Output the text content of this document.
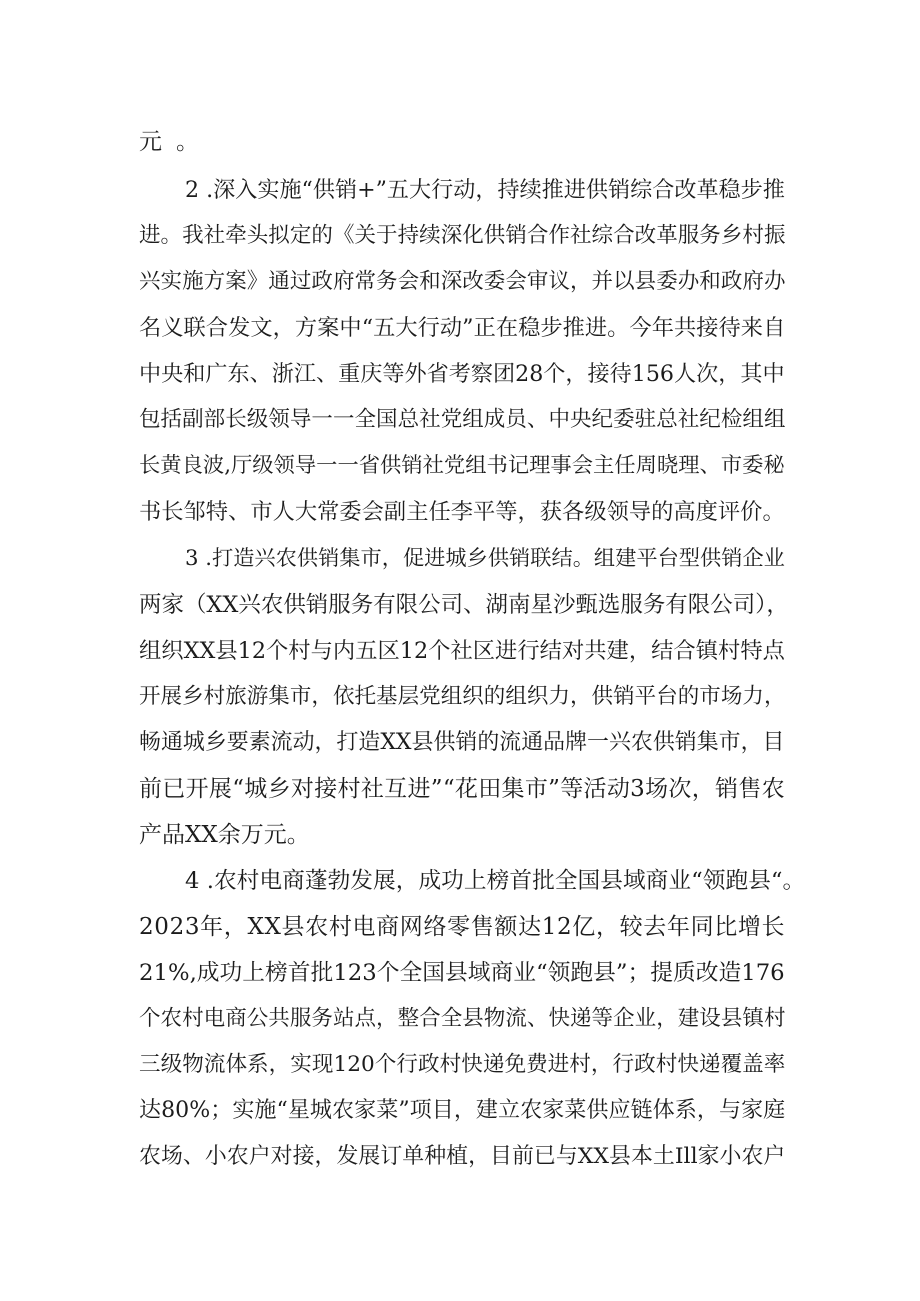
元。
2 .深入实施“供销+”五大行动，持续推进供销综合改革稳步推
进。我社牵头拟定的《关于持续深化供销合作社综合改革服务乡村振
兴实施方案》通过政府常务会和深改委会审议，并以县委办和政府办
名义联合发文，方案中“五大行动”正在稳步推进。今年共接待来自
中央和广东、浙江、重庆等外省考察团28个，接待156人次，其中
包括副部长级领导一一全国总社党组成员、中央纪委驻总社纪检组组
长黄良波,厅级领导一一省供销社党组书记理事会主任周晓理、市委秘
书长邹特、市人大常委会副主任李平等，获各级领导的高度评价。
3 .打造兴农供销集市，促进城乡供销联结。组建平台型供销企业
两家（XX兴农供销服务有限公司、湖南星沙甄选服务有限公司），
组织XX县12个村与内五区12个社区进行结对共建，结合镇村特点
开展乡村旅游集市，依托基层党组织的组织力，供销平台的市场力，
畅通城乡要素流动，打造XX县供销的流通品牌一兴农供销集市，目
前已开展“城乡对接村社互进”“花田集市”等活动3场次，销售农
产品XX余万元。
4 .农村电商蓬勃发展，成功上榜首批全国县域商业“领跑县“。
2023年，XX县农村电商网络零售额达12亿，较去年同比增长
21%,成功上榜首批123个全国县域商业“领跑县”；提质改造176
个农村电商公共服务站点，整合全县物流、快递等企业，建设县镇村
三级物流体系，实现120个行政村快递免费进村，行政村快递覆盖率
达80%；实施“星城农家菜”项目，建立农家菜供应链体系，与家庭
农场、小农户对接，发展订单种植，目前已与XX县本土Ill家小农户
